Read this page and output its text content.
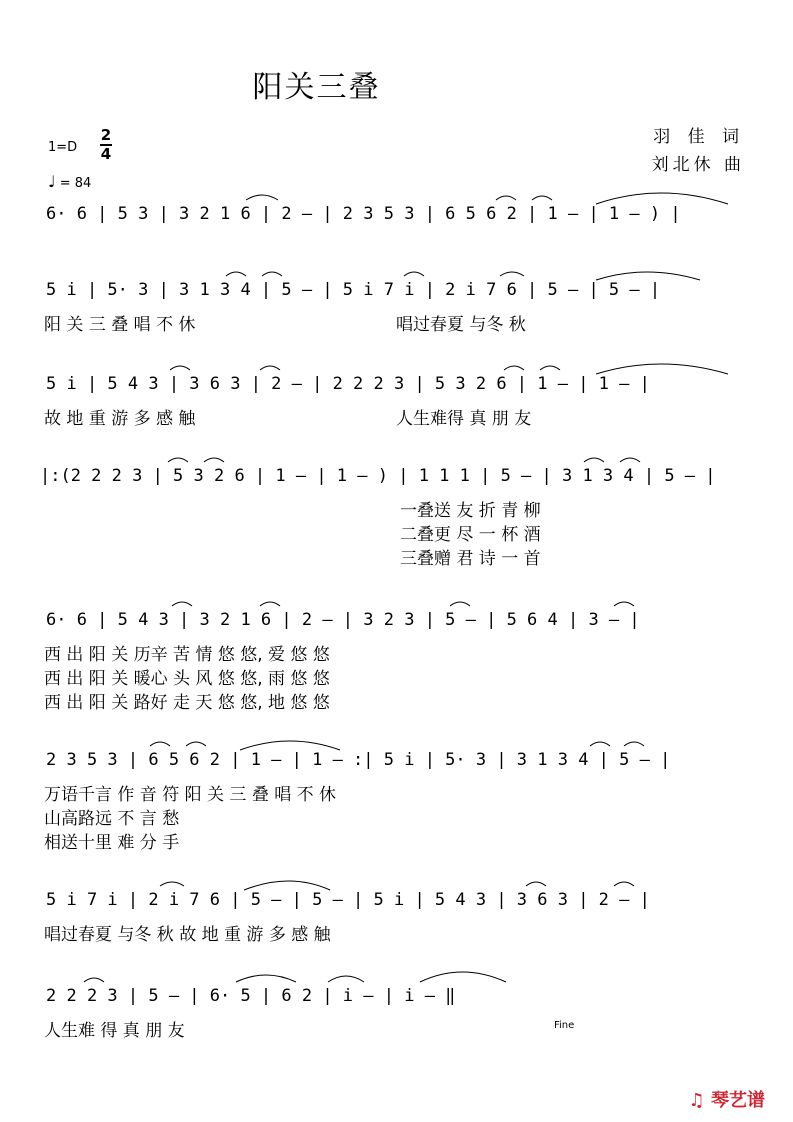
阳关三叠
羽 佳 词
刘北休 曲
1=D
2
4
♩ = 84
6· 6 | 5 3 | 3 2 1 6 | 2 – | 2 3 5 3 | 6 5 6 2 | 1 – | 1 – ) |
5 i | 5· 3 | 3 1 3 4 | 5 – | 5 i 7 i | 2 i 7 6 | 5 – | 5 – |
阳 关 三 叠 唱 不 休	唱过春夏 与冬 秋
5 i | 5 4 3 | 3 6 3 | 2 – | 2 2 2 3 | 5 3 2 6 | 1 – | 1 – |
故 地 重 游 多 感 触	人生难得 真 朋 友
|:(2 2 2 3 | 5 3 2 6 | 1 – | 1 – ) | 1 1 1 | 5 – | 3 1 3 4 | 5 – |
一叠送 友 折 青 柳
二叠更 尽 一 杯 酒
三叠赠 君 诗 一 首
6· 6 | 5 4 3 | 3 2 1 6 | 2 – | 3 2 3 | 5 – | 5 6 4 | 3 – |
西 出 阳 关 历辛 苦 情 悠 悠, 爱 悠 悠
西 出 阳 关 暖心 头 风 悠 悠, 雨 悠 悠
西 出 阳 关 路好 走 天 悠 悠, 地 悠 悠
2 3 5 3 | 6 5 6 2 | 1 – | 1 – :| 5 i | 5· 3 | 3 1 3 4 | 5 – |
万语千言 作 音 符 阳 关 三 叠 唱 不 休
山高路远 不 言 愁
相送十里 难 分 手
5 i 7 i | 2 i 7 6 | 5 – | 5 – | 5 i | 5 4 3 | 3 6 3 | 2 – |
唱过春夏 与冬 秋 故 地 重 游 多 感 触
2 2 2 3 | 5 – | 6· 5 | 6 2 | i – | i – ‖
人生难 得 真 朋 友	Fine
♫ 琴艺谱
